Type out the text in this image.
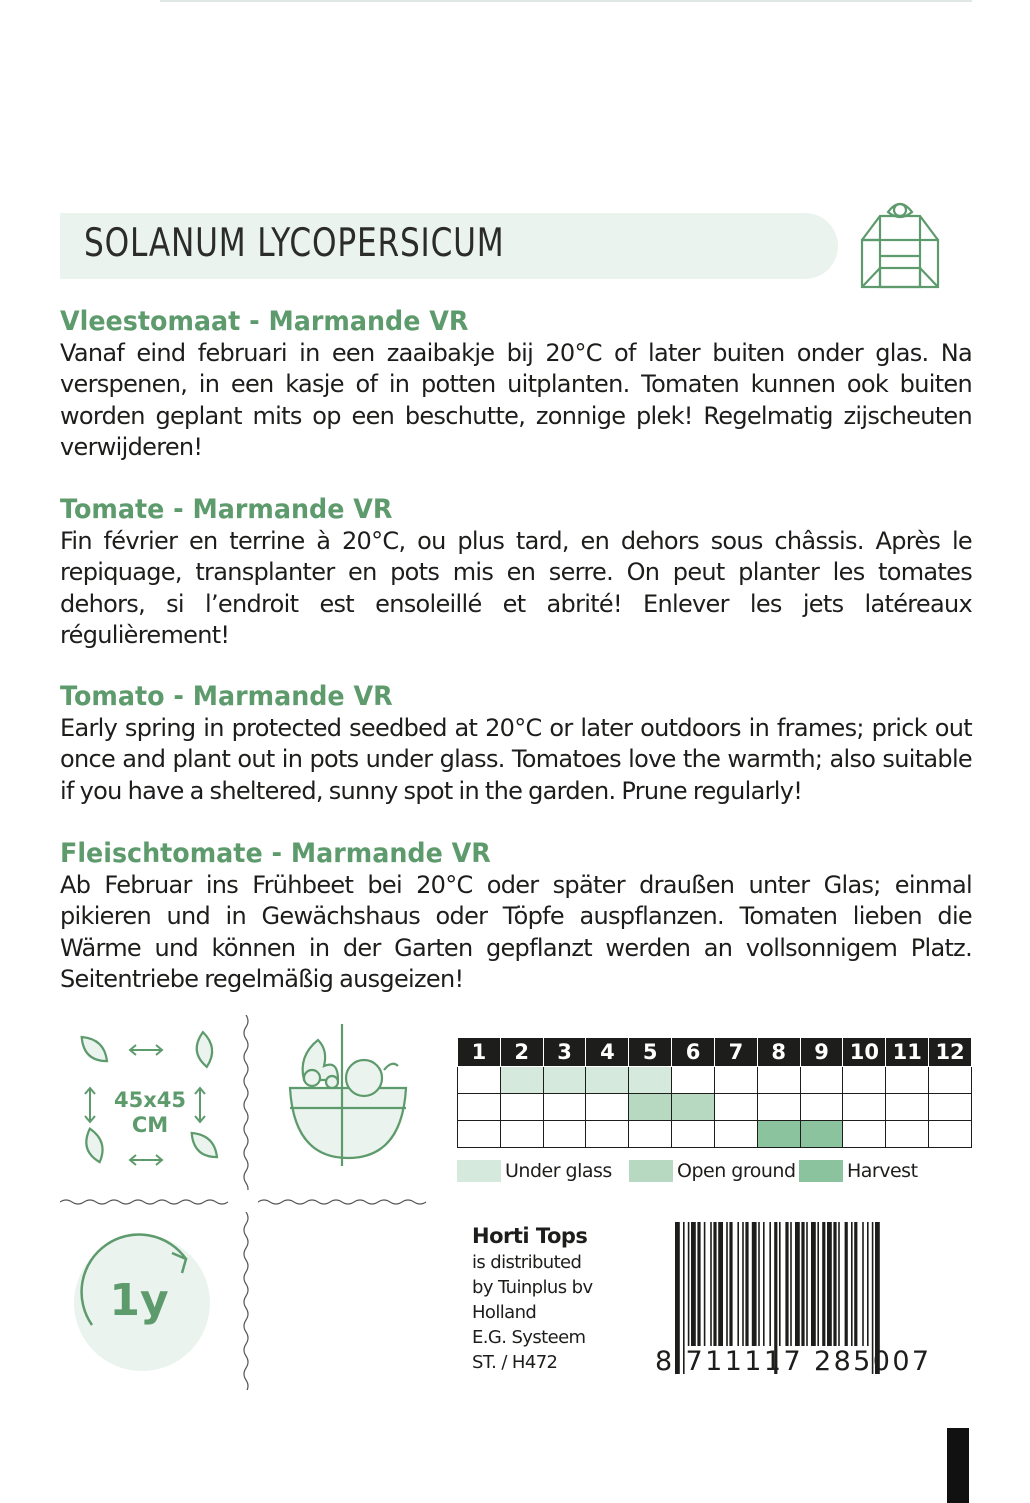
SOLANUM LYCOPERSICUM
Vleestomaat - Marmande VR

Vanaf eind februari in een zaaibakje bij 20°C of later buiten onder glas. Na verspenen, in een kasje of in potten uitplanten. Tomaten kunnen ook buiten worden geplant mits op een beschutte, zonnige plek! Regelmatig zijscheuten verwijderen!

Tomate - Marmande VR

Fin février en terrine à 20°C, ou plus tard, en dehors sous châssis. Après le repiquage, transplanter en pots mis en serre. On peut planter les tomates dehors, si l’endroit est ensoleillé et abrité! Enlever les jets latéreaux régulièrement!

Tomato - Marmande VR

Early spring in protected seedbed at 20°C or later outdoors in frames; prick out once and plant out in pots under glass. Tomatoes love the warmth; also suitable if you have a sheltered, sunny spot in the garden. Prune regularly!

Fleischtomate - Marmande VR

Ab Februar ins Frühbeet bei 20°C oder später draußen unter Glas; einmal pikieren und in Gewächshaus oder Töpfe auspflanzen. Tomaten lieben die Wärme und können in der Garten gepflanzt werden an vollsonnigem Platz. Seitentriebe regelmäßig ausgeizen!

45x45
CM
1y
1	2	3	4	5	6	7	8	9	10	11	12

Under glass	Open ground	Harvest
Horti Tops
is distributed
by Tuinplus bv
Holland
E.G. Systeem
ST. / H472	8 711117 285007
